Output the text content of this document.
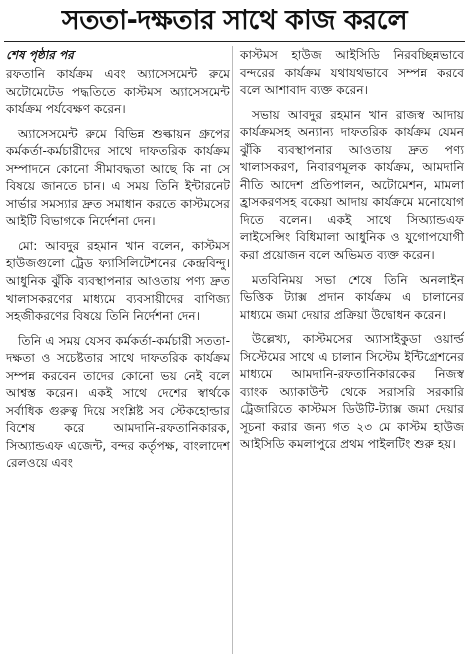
সততা-দক্ষতার সাথে কাজ করলে
শেষ পৃষ্ঠার পর

রফতানি কার্যক্রম এবং অ্যাসেসমেন্ট রুমে অটোমেটেড পদ্ধতিতে কাস্টমস অ্যাসেসমেন্ট কার্যক্রম পর্যবেক্ষণ করেন।

অ্যাসেসমেন্ট রুমে বিভিন্ন শুল্কায়ন গ্রুপের কর্মকর্তা-কর্মচারীদের সাথে দাফতরিক কার্যক্রম সম্পাদনে কোনো সীমাবদ্ধতা আছে কি না সে বিষয়ে জানতে চান। এ সময় তিনি ইন্টারনেট সার্ভার সমস্যার দ্রুত সমাধান করতে কাস্টমসের আইটি বিভাগকে নির্দেশনা দেন।

মো: আবদুর রহমান খান বলেন, কাস্টমস হাউজগুলো ট্রেড ফ্যাসিলিটেশনের কেন্দ্রবিন্দু। আধুনিক ঝুঁকি ব্যবস্থাপনার আওতায় পণ্য দ্রুত খালাসকরণের মাধ্যমে ব্যবসায়ীদের বাণিজ্য সহজীকরণের বিষয়ে তিনি নির্দেশনা দেন।

তিনি এ সময় যেসব কর্মকর্তা-কর্মচারী সততা-দক্ষতা ও সচেষ্টতার সাথে দাফতরিক কার্যক্রম সম্পন্ন করবেন তাদের কোনো ভয় নেই বলে আশ্বস্ত করেন। একই সাথে দেশের স্বার্থকে সর্বাধিক গুরুত্ব দিয়ে সংশ্লিষ্ট সব স্টেকহোল্ডার বিশেষ করে আমদানি-রফতানিকারক, সিঅ্যান্ডএফ এজেন্ট, বন্দর কর্তৃপক্ষ, বাংলাদেশ রেলওয়ে এবং

কাস্টমস হাউজ আইসিডি নিরবচ্ছিন্নভাবে বন্দরের কার্যক্রম যথাযথভাবে সম্পন্ন করবে বলে আশাবাদ ব্যক্ত করেন।

সভায় আবদুর রহমান খান রাজস্ব আদায় কার্যক্রমসহ অন্যান্য দাফতরিক কার্যক্রম যেমন ঝুঁকি ব্যবস্থাপনার আওতায় দ্রুত পণ্য খালাসকরণ, নিবারণমূলক কার্যক্রম, আমদানি নীতি আদেশ প্রতিপালন, অটোমেশন, মামলা হ্রাসকরণসহ বকেয়া আদায় কার্যক্রমে মনোযোগ দিতে বলেন। একই সাথে সিঅ্যান্ডএফ লাইসেন্সিং বিধিমালা আধুনিক ও যুগোপযোগী করা প্রয়োজন বলে অভিমত ব্যক্ত করেন।

মতবিনিময় সভা শেষে তিনি অনলাইন ভিত্তিক ট্যাক্স প্রদান কার্যক্রম এ চালানের মাধ্যমে জমা দেয়ার প্রক্রিয়া উদ্বোধন করেন।

উল্লেখ্য, কাস্টমসের অ্যাসাইকুডা ওয়ার্ল্ড সিস্টেমের সাথে এ চালান সিস্টেম ইন্টিগ্রেশনের মাধ্যমে আমদানি-রফতানিকারকের নিজস্ব ব্যাংক অ্যাকাউন্ট থেকে সরাসরি সরকারি ট্রেজারিতে কাস্টমস ডিউটি-ট্যাক্স জমা দেয়ার সূচনা করার জন্য গত ২৩ মে কাস্টম হাউজ আইসিডি কমলাপুরে প্রথম পাইলটিং শুরু হয়।
